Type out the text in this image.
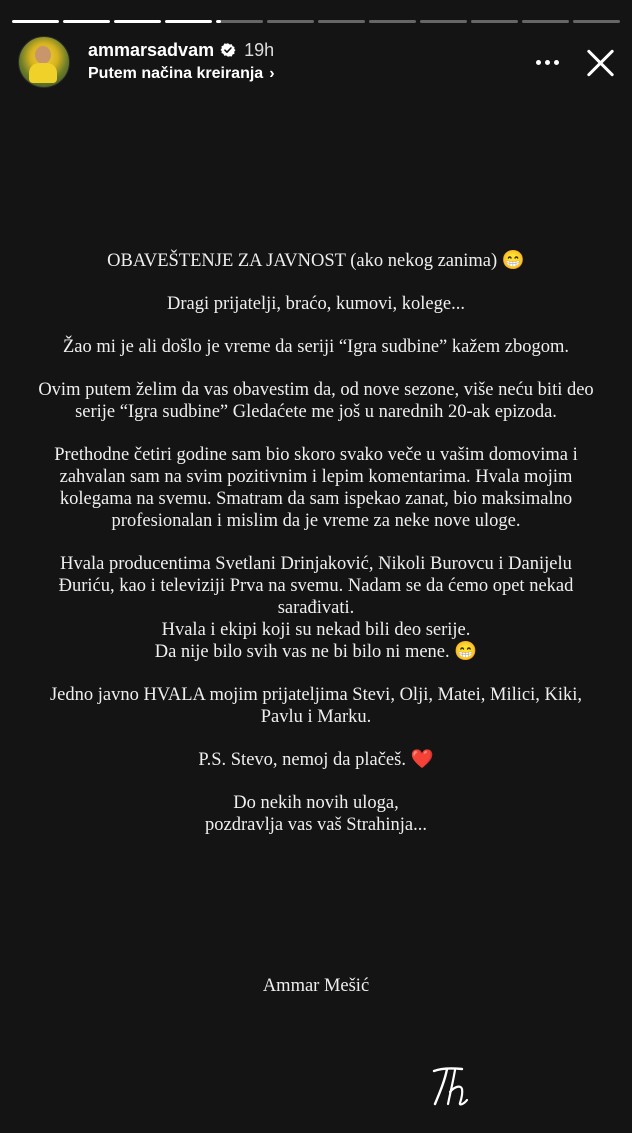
ammarsadvam 19h
Putem načina kreiranja ›

OBAVEŠTENJE ZA JAVNOST (ako nekog zanima) 😁

Dragi prijatelji, braćo, kumovi, kolege...

Žao mi je ali došlo je vreme da seriji “Igra sudbine” kažem zbogom.

Ovim putem želim da vas obavestim da, od nove sezone, više neću biti deo
serije “Igra sudbine” Gledaćete me još u narednih 20-ak epizoda.

Prethodne četiri godine sam bio skoro svako veče u vašim domovima i
zahvalan sam na svim pozitivnim i lepim komentarima. Hvala mojim
kolegama na svemu. Smatram da sam ispekao zanat, bio maksimalno
profesionalan i mislim da je vreme za neke nove uloge.

Hvala producentima Svetlani Drinjaković, Nikoli Burovcu i Danijelu
Đuriću, kao i televiziji Prva na svemu. Nadam se da ćemo opet nekad
sarađivati.
Hvala i ekipi koji su nekad bili deo serije.
Da nije bilo svih vas ne bi bilo ni mene. 😁

Jedno javno HVALA mojim prijateljima Stevi, Olji, Matei, Milici, Kiki,
Pavlu i Marku.

P.S. Stevo, nemoj da plačeš. ❤️

Do nekih novih uloga,
pozdravlja vas vaš Strahinja...

Ammar Mešić
